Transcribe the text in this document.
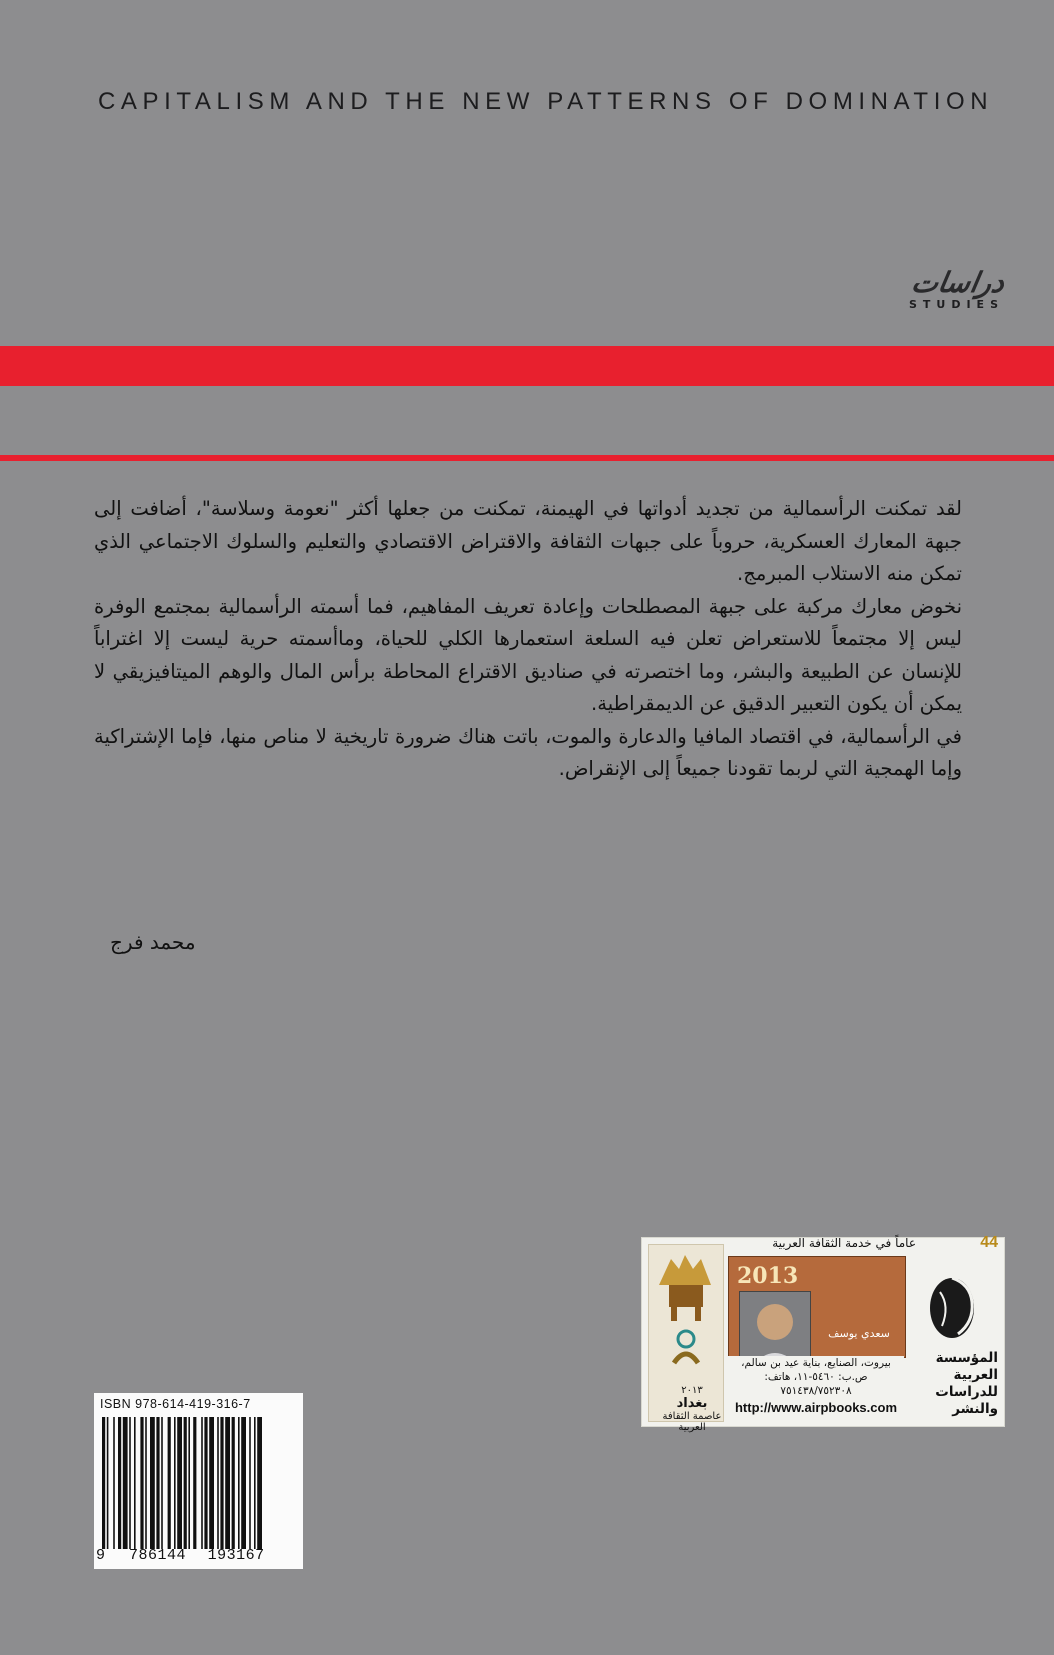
CAPITALISM AND THE NEW PATTERNS OF DOMINATION
دراسات
STUDIES

لقد تمكنت الرأسمالية من تجديد أدواتها في الهيمنة، تمكنت من جعلها أكثر "نعومة وسلاسة"، أضافت إلى جبهة المعارك العسكرية، حروباً على جبهات الثقافة والاقتراض الاقتصادي والتعليم والسلوك الاجتماعي الذي تمكن منه الاستلاب المبرمج.

نخوض معارك مركبة على جبهة المصطلحات وإعادة تعريف المفاهيم، فما أسمته الرأسمالية بمجتمع الوفرة ليس إلا مجتمعاً للاستعراض تعلن فيه السلعة استعمارها الكلي للحياة، وماأسمته حرية ليست إلا اغتراباً للإنسان عن الطبيعة والبشر، وما اختصرته في صناديق الاقتراع المحاطة برأس المال والوهم الميتافيزيقي لا يمكن أن يكون التعبير الدقيق عن الديمقراطية.

في الرأسمالية، في اقتصاد المافيا والدعارة والموت، باتت هناك ضرورة تاريخية لا مناص منها، فإما الإشتراكية وإما الهمجية التي لربما تقودنا جميعاً إلى الإنقراض.

محمد فرج
ISBN 978-614-419-316-7
9 786144 193167
٢٠١٣
بغداد
عاصمة الثقافة العربية
عاماً في خدمة الثقافة العربية	44
2013
سعدي يوسف
بيروت، الصنايع، بناية عيد بن سالم، ص.ب: ٥٤٦٠-١١، هاتف: ٧٥١٤٣٨/٧٥٢٣٠٨
http://www.airpbooks.com
المؤسسة
العربية
للدراسات
والنشر
